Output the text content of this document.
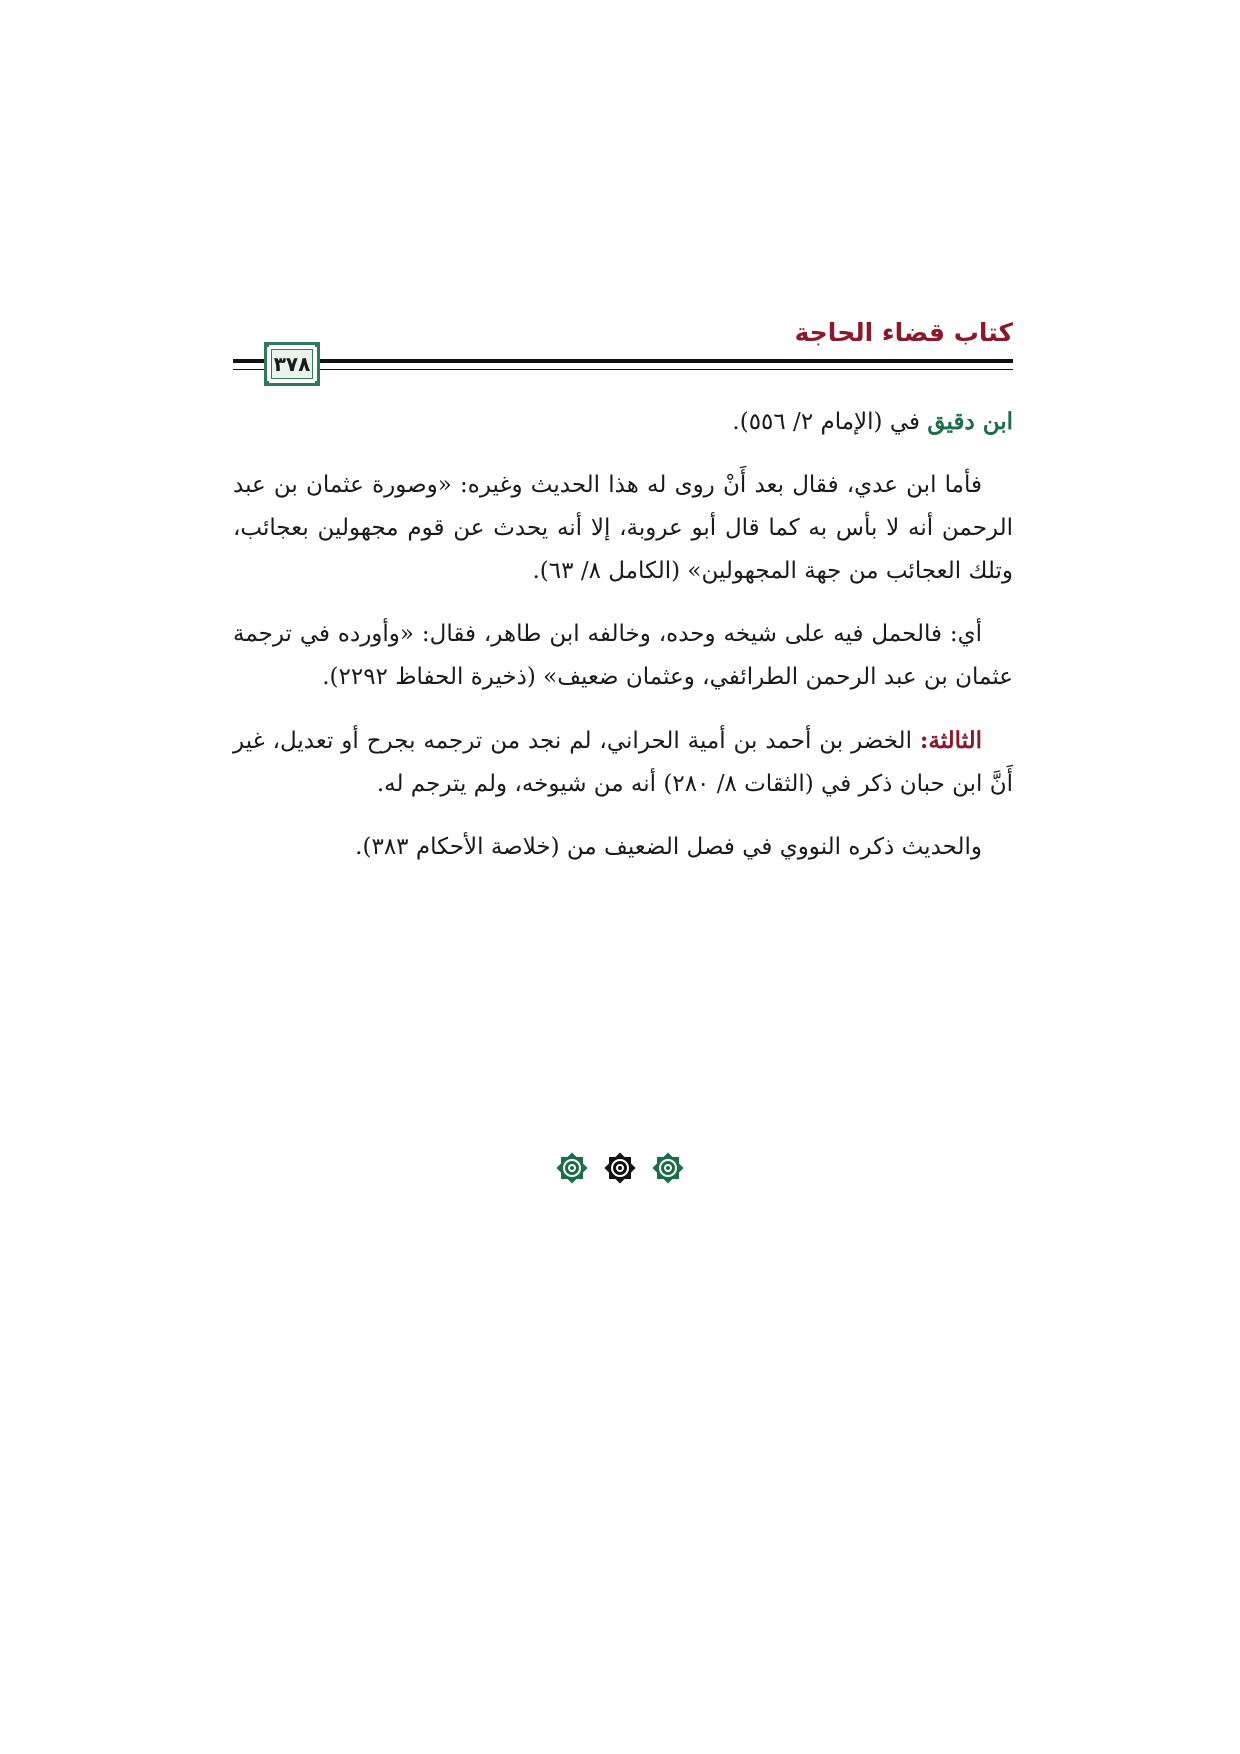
كتاب قضاء الحاجة
٣٧٨

ابن دقيق في (الإمام ٢/ ٥٥٦).

فأما ابن عدي، فقال بعد أَنْ روى له هذا الحديث وغيره: «وصورة عثمان بن عبد الرحمن أنه لا بأس به كما قال أبو عروبة، إلا أنه يحدث عن قوم مجهولين بعجائب، وتلك العجائب من جهة المجهولين» (الكامل ٨/ ٦٣).

أي: فالحمل فيه على شيخه وحده، وخالفه ابن طاهر، فقال: «وأورده في ترجمة عثمان بن عبد الرحمن الطرائفي، وعثمان ضعيف» (ذخيرة الحفاظ ٢٢٩٢).

الثالثة: الخضر بن أحمد بن أمية الحراني، لم نجد من ترجمه بجرح أو تعديل، غير أَنَّ ابن حبان ذكر في (الثقات ٨/ ٢٨٠) أنه من شيوخه، ولم يترجم له.

والحديث ذكره النووي في فصل الضعيف من (خلاصة الأحكام ٣٨٣).
